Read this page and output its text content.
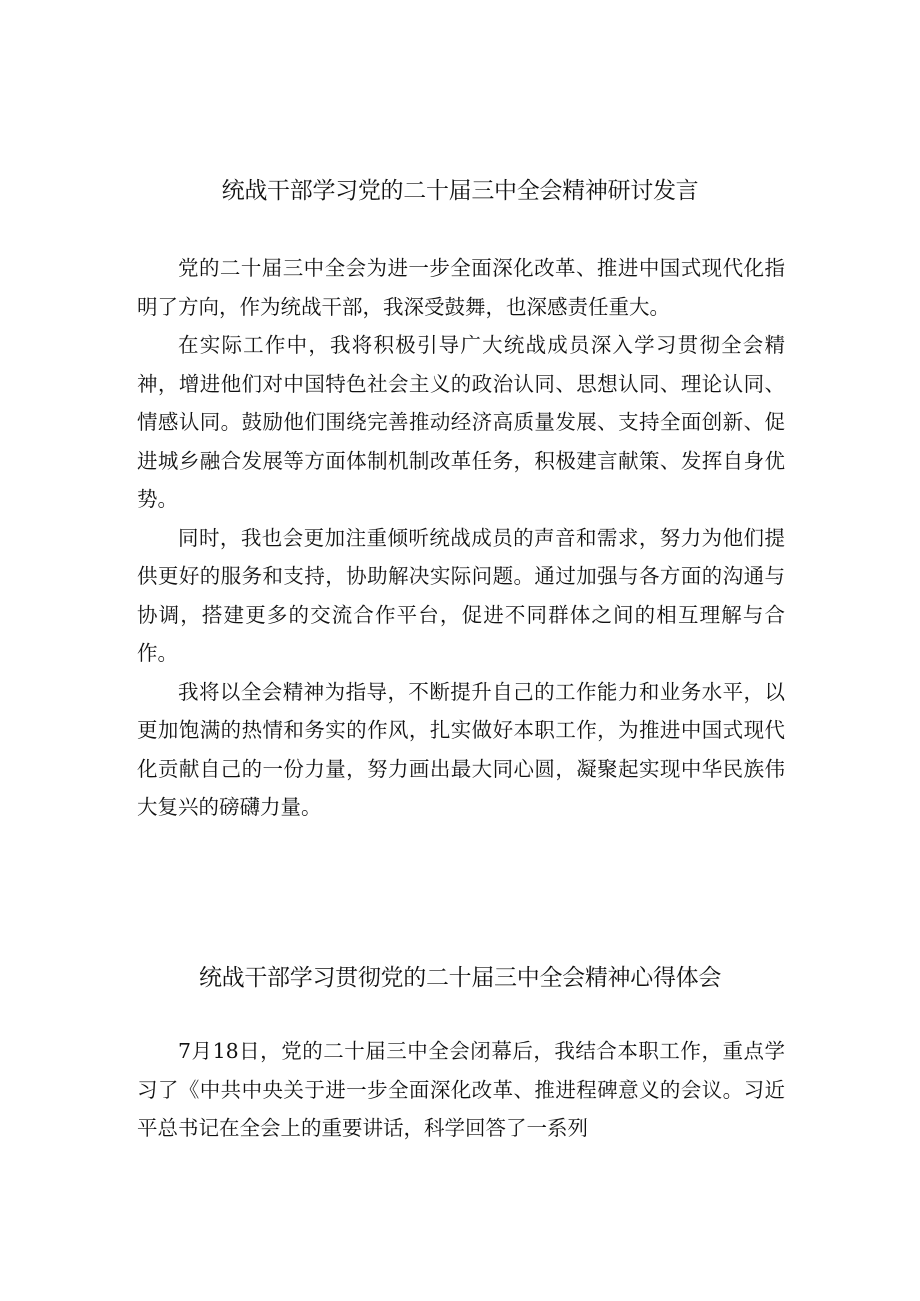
统战干部学习党的二十届三中全会精神研讨发言

党的二十届三中全会为进一步全面深化改革、推进中国式现代化指明了方向，作为统战干部，我深受鼓舞，也深感责任重大。

在实际工作中，我将积极引导广大统战成员深入学习贯彻全会精神，增进他们对中国特色社会主义的政治认同、思想认同、理论认同、情感认同。鼓励他们围绕完善推动经济高质量发展、支持全面创新、促进城乡融合发展等方面体制机制改革任务，积极建言献策、发挥自身优势。

同时，我也会更加注重倾听统战成员的声音和需求，努力为他们提供更好的服务和支持，协助解决实际问题。通过加强与各方面的沟通与协调，搭建更多的交流合作平台，促进不同群体之间的相互理解与合作。

我将以全会精神为指导，不断提升自己的工作能力和业务水平，以更加饱满的热情和务实的作风，扎实做好本职工作，为推进中国式现代化贡献自己的一份力量，努力画出最大同心圆，凝聚起实现中华民族伟大复兴的磅礴力量。

统战干部学习贯彻党的二十届三中全会精神心得体会

7月18日，党的二十届三中全会闭幕后，我结合本职工作，重点学习了《中共中央关于进一步全面深化改革、推进程碑意义的会议。习近平总书记在全会上的重要讲话，科学回答了一系列
